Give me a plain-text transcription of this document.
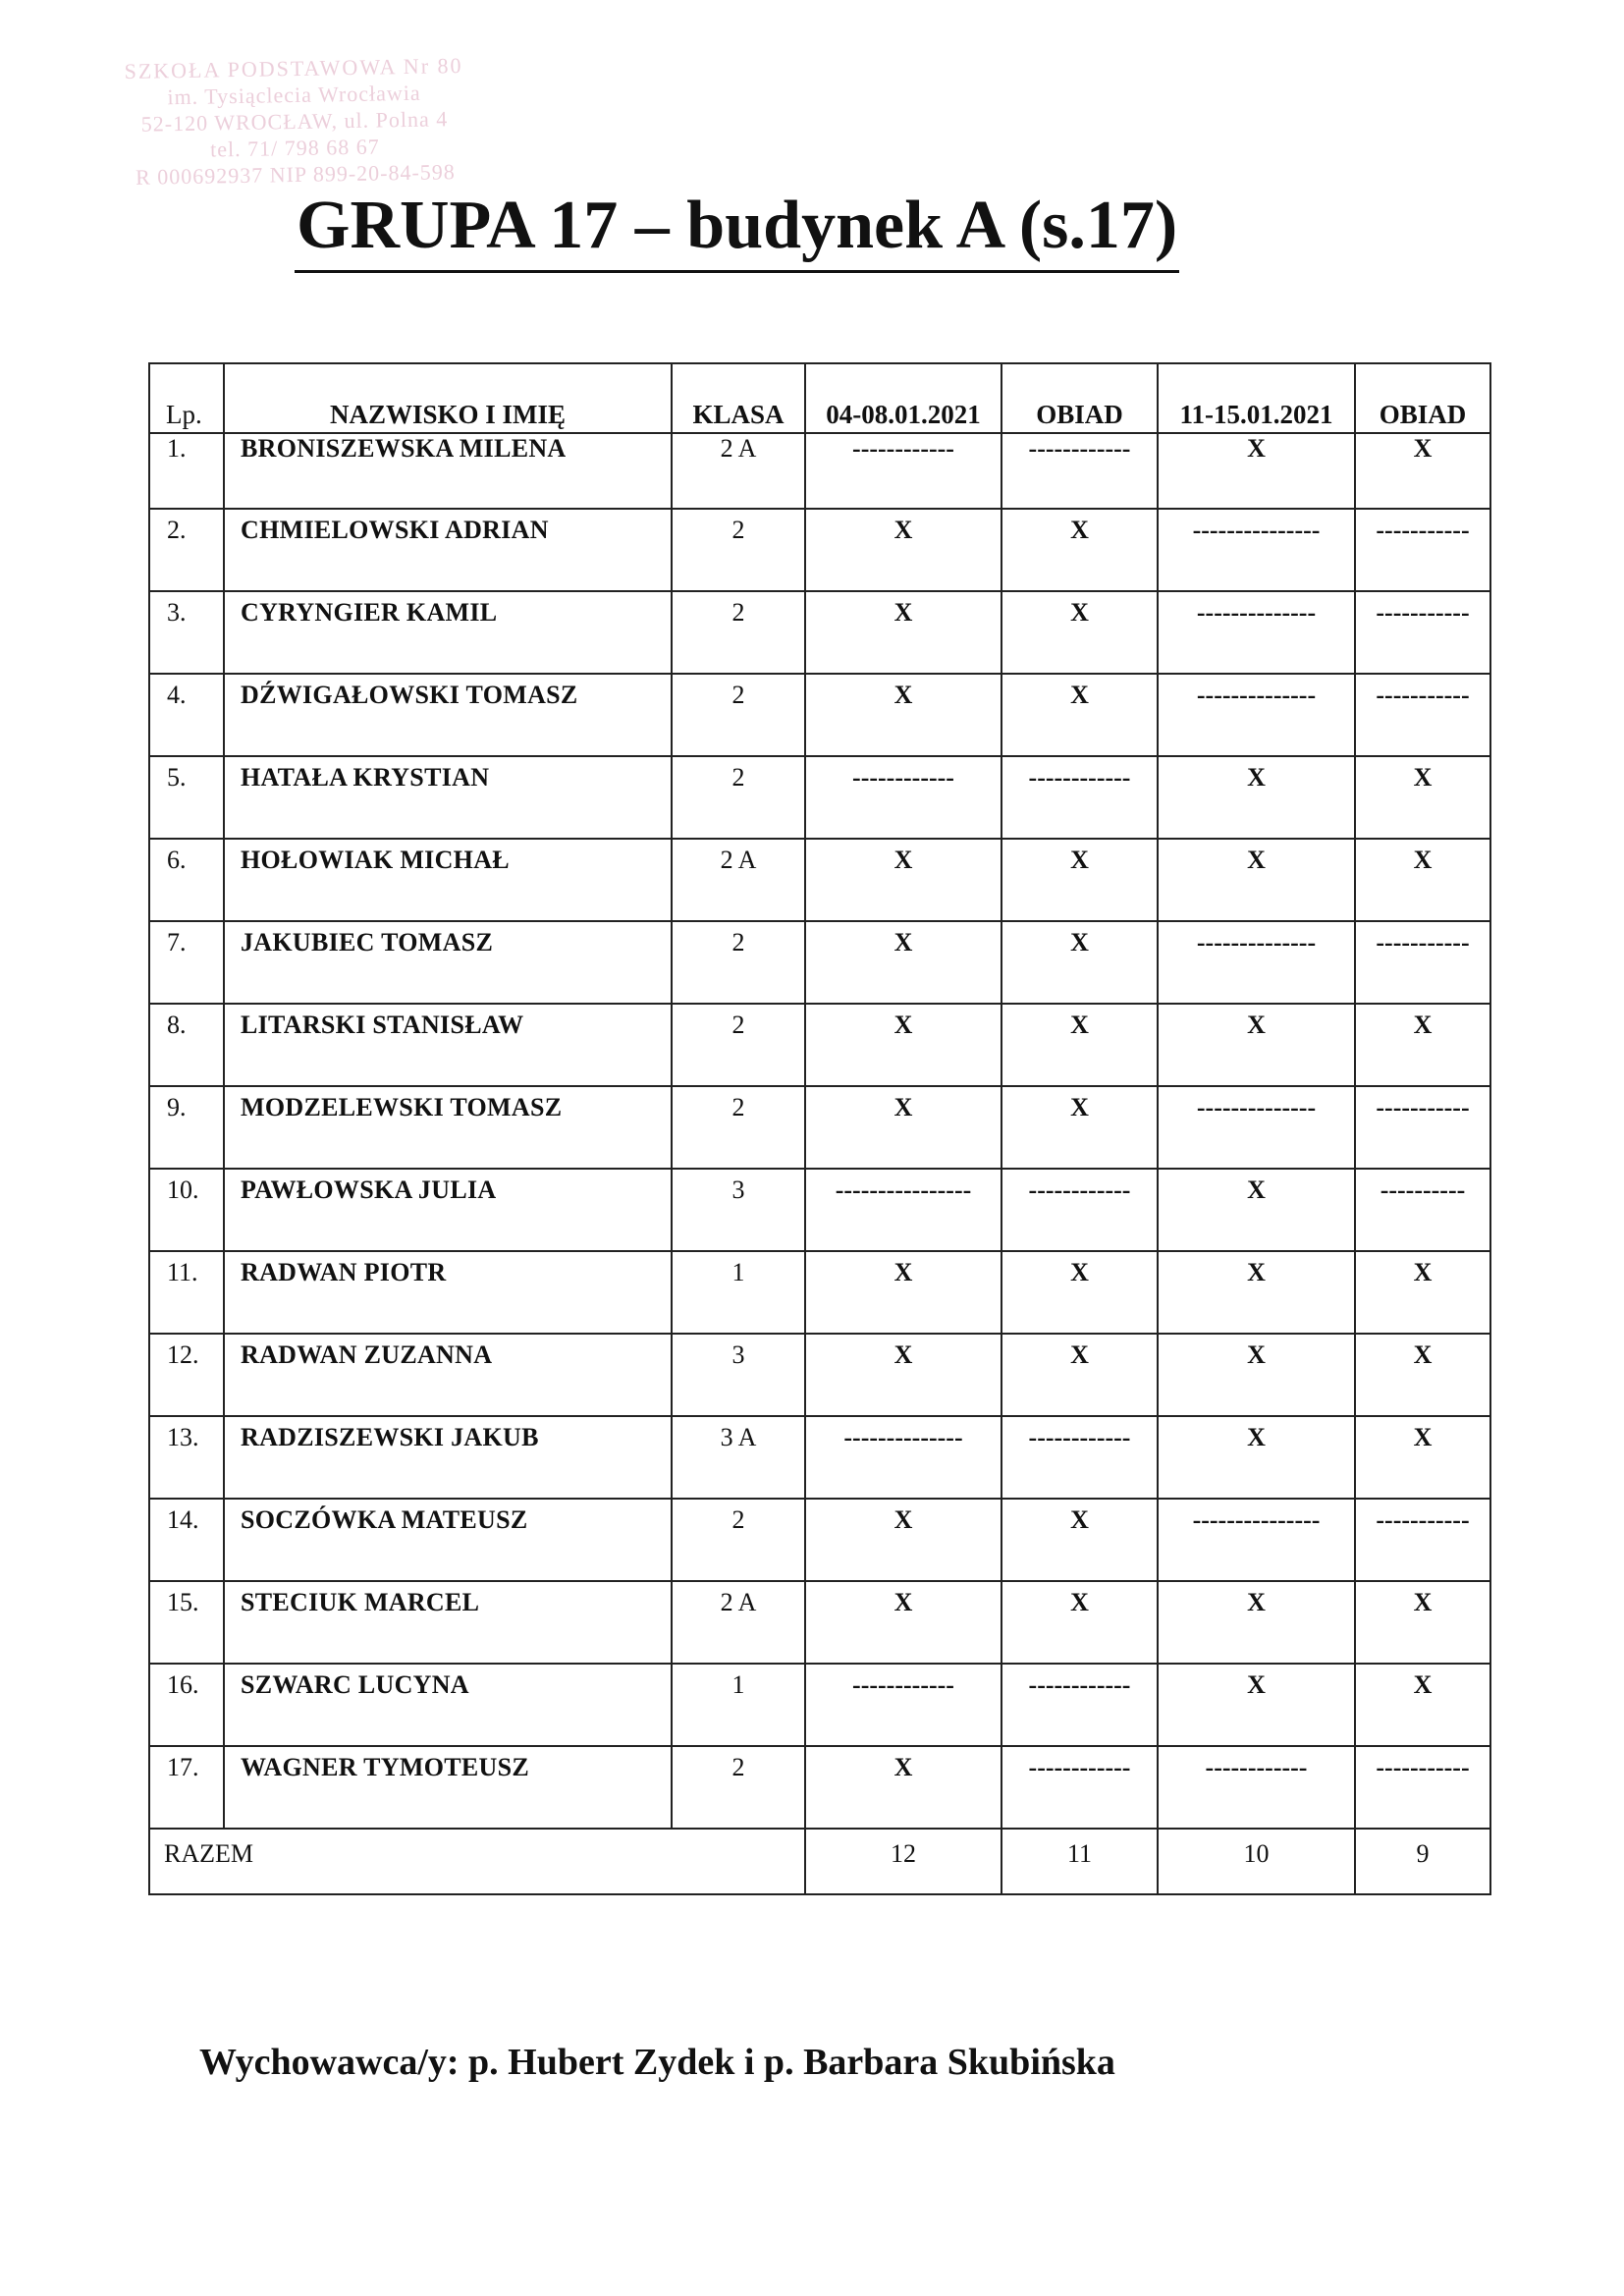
SZKOŁA PODSTAWOWA Nr 80
im. Tysiąclecia Wrocławia
52-120 WROCŁAW, ul. Polna 4
tel. 71/ 798 68 67
R 000692937 NIP 899-20-84-598
GRUPA 17 – budynek A (s.17)
Lp.	NAZWISKO I IMIĘ	KLASA	04-08.01.2021	OBIAD	11-15.01.2021	OBIAD
1.	BRONISZEWSKA MILENA	2 A	------------	------------	X	X
2.	CHMIELOWSKI ADRIAN	2	X	X	---------------	-----------
3.	CYRYNGIER KAMIL	2	X	X	--------------	-----------
4.	DŹWIGAŁOWSKI TOMASZ	2	X	X	--------------	-----------
5.	HATAŁA KRYSTIAN	2	------------	------------	X	X
6.	HOŁOWIAK MICHAŁ	2 A	X	X	X	X
7.	JAKUBIEC TOMASZ	2	X	X	--------------	-----------
8.	LITARSKI STANISŁAW	2	X	X	X	X
9.	MODZELEWSKI TOMASZ	2	X	X	--------------	-----------
10.	PAWŁOWSKA JULIA	3	----------------	------------	X	----------
11.	RADWAN PIOTR	1	X	X	X	X
12.	RADWAN ZUZANNA	3	X	X	X	X
13.	RADZISZEWSKI JAKUB	3 A	--------------	------------	X	X
14.	SOCZÓWKA MATEUSZ	2	X	X	---------------	-----------
15.	STECIUK MARCEL	2 A	X	X	X	X
16.	SZWARC LUCYNA	1	------------	------------	X	X
17.	WAGNER TYMOTEUSZ	2	X	------------	------------	-----------
RAZEM			12	11	10	9
Wychowawca/y: p. Hubert Zydek i p. Barbara Skubińska
